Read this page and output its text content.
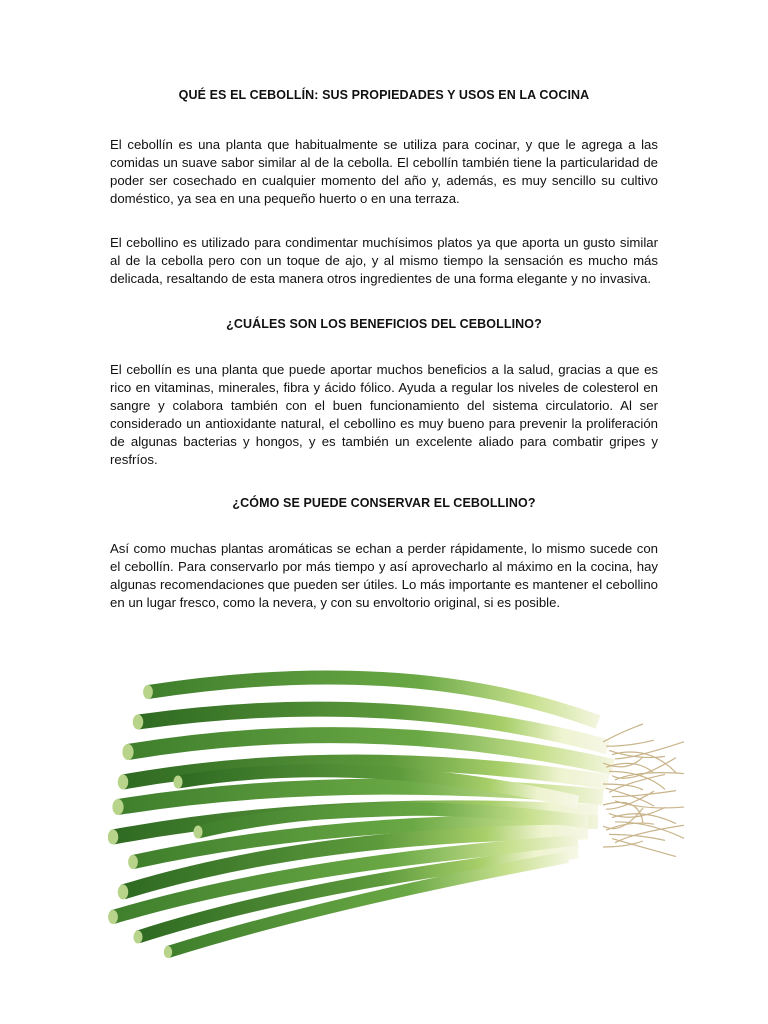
QUÉ ES EL CEBOLLÍN: SUS PROPIEDADES Y USOS EN LA COCINA
El cebollín es una planta que habitualmente se utiliza para cocinar, y que le agrega a las comidas un suave sabor similar al de la cebolla. El cebollín también tiene la particularidad de poder ser cosechado en cualquier momento del año y, además, es muy sencillo su cultivo doméstico, ya sea en una pequeño huerto o en una terraza.
El cebollino es utilizado para condimentar muchísimos platos ya que aporta un gusto similar al de la cebolla pero con un toque de ajo, y al mismo tiempo la sensación es mucho más delicada, resaltando de esta manera otros ingredientes de una forma elegante y no invasiva.
¿CUÁLES SON LOS BENEFICIOS DEL CEBOLLINO?
El cebollín es una planta que puede aportar muchos beneficios a la salud, gracias a que es rico en vitaminas, minerales, fibra y ácido fólico. Ayuda a regular los niveles de colesterol en sangre y colabora también con el buen funcionamiento del sistema circulatorio. Al ser considerado un antioxidante natural, el cebollino es muy bueno para prevenir la proliferación de algunas bacterias y hongos, y es también un excelente aliado para combatir gripes y resfríos.
¿CÓMO SE PUEDE CONSERVAR EL CEBOLLINO?
Así como muchas plantas aromáticas se echan a perder rápidamente, lo mismo sucede con el cebollín. Para conservarlo por más tiempo y así aprovecharlo al máximo en la cocina, hay algunas recomendaciones que pueden ser útiles. Lo más importante es mantener el cebollino en un lugar fresco, como la nevera, y con su envoltorio original, si es posible.
